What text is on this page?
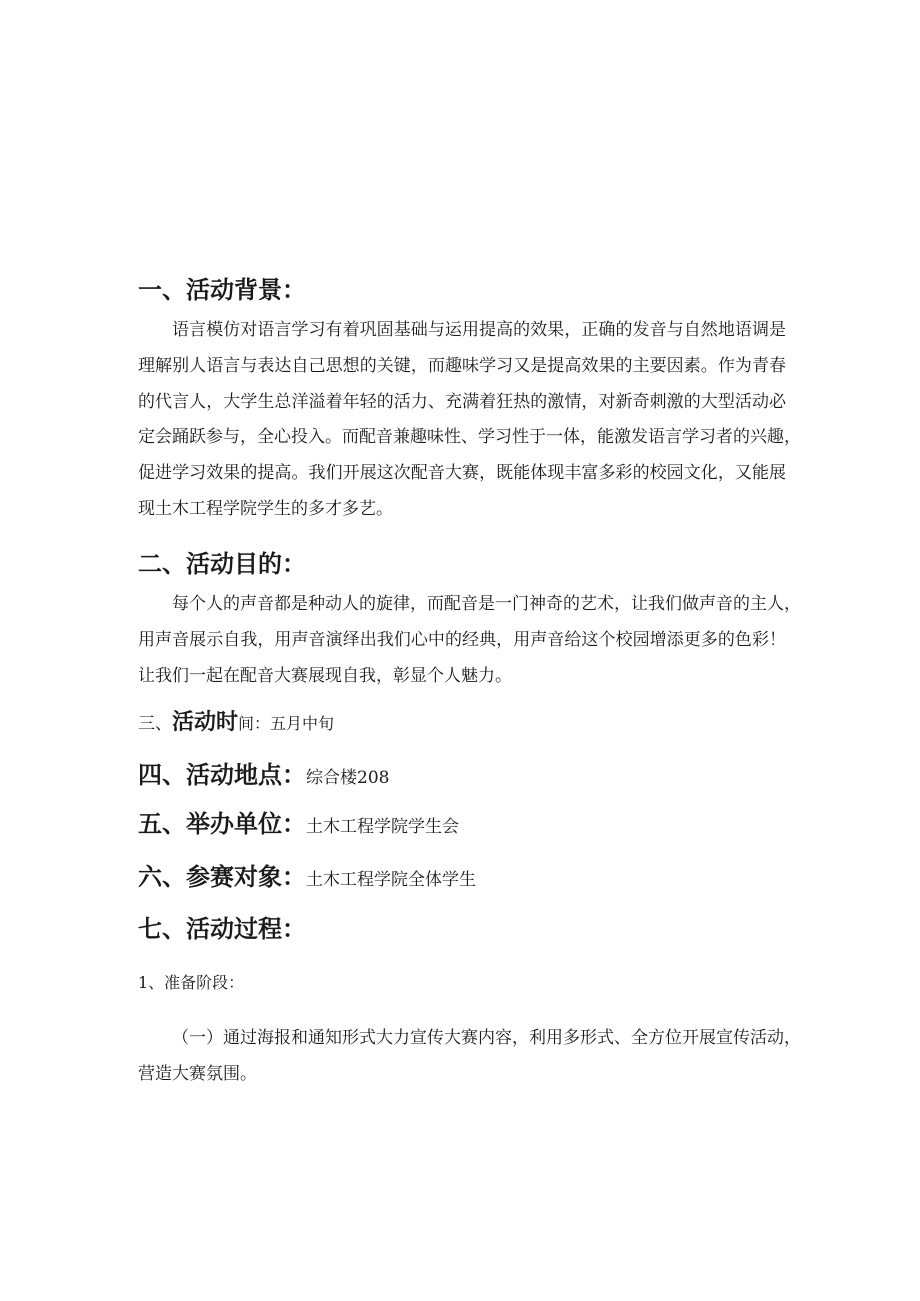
一、活动背景：
语言模仿对语言学习有着巩固基础与运用提高的效果，正确的发音与自然地语调是
理解别人语言与表达自己思想的关键，而趣味学习又是提高效果的主要因素。作为青春
的代言人，大学生总洋溢着年轻的活力、充满着狂热的激情，对新奇刺激的大型活动必
定会踊跃参与，全心投入。而配音兼趣味性、学习性于一体，能激发语言学习者的兴趣，
促进学习效果的提高。我们开展这次配音大赛，既能体现丰富多彩的校园文化，又能展
现土木工程学院学生的多才多艺。
二、活动目的：
每个人的声音都是种动人的旋律，而配音是一门神奇的艺术，让我们做声音的主人，
用声音展示自我，用声音演绎出我们心中的经典，用声音给这个校园增添更多的色彩！
让我们一起在配音大赛展现自我，彰显个人魅力。
三、活动时间：五月中旬
四、活动地点：综合楼208
五、举办单位：土木工程学院学生会
六、参赛对象：土木工程学院全体学生
七、活动过程：
1、准备阶段：
（一）通过海报和通知形式大力宣传大赛内容，利用多形式、全方位开展宣传活动，
营造大赛氛围。
